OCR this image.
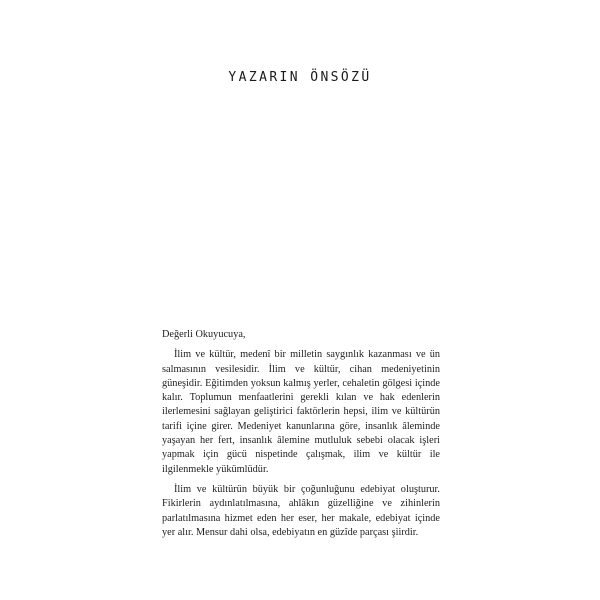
YAZARIN ÖNSÖZÜ

Değerli Okuyucuya,

İlim ve kültür, medenî bir milletin saygınlık kazanması ve ün salmasının vesilesidir. İlim ve kültür, cihan medeniyetinin güneşidir. Eğitimden yoksun kalmış yerler, cehaletin gölgesi içinde kalır. Toplumun menfaatlerini gerekli kılan ve hak edenlerin ilerlemesini sağlayan geliştirici faktörlerin hepsi, ilim ve kültürün tarifi içine girer. Medeniyet kanunlarına göre, insanlık âleminde yaşayan her fert, insanlık âlemine mutluluk sebebi olacak işleri yapmak için gücü nispetinde çalışmak, ilim ve kültür ile ilgilenmekle yükümlüdür.

İlim ve kültürün büyük bir çoğunluğunu edebiyat oluşturur. Fikirlerin aydınlatılmasına, ahlâkın güzelliğine ve zihinlerin parlatılmasına hizmet eden her eser, her makale, edebiyat içinde yer alır. Mensur dahi olsa, edebiyatın en güzîde parçası şiirdir.
